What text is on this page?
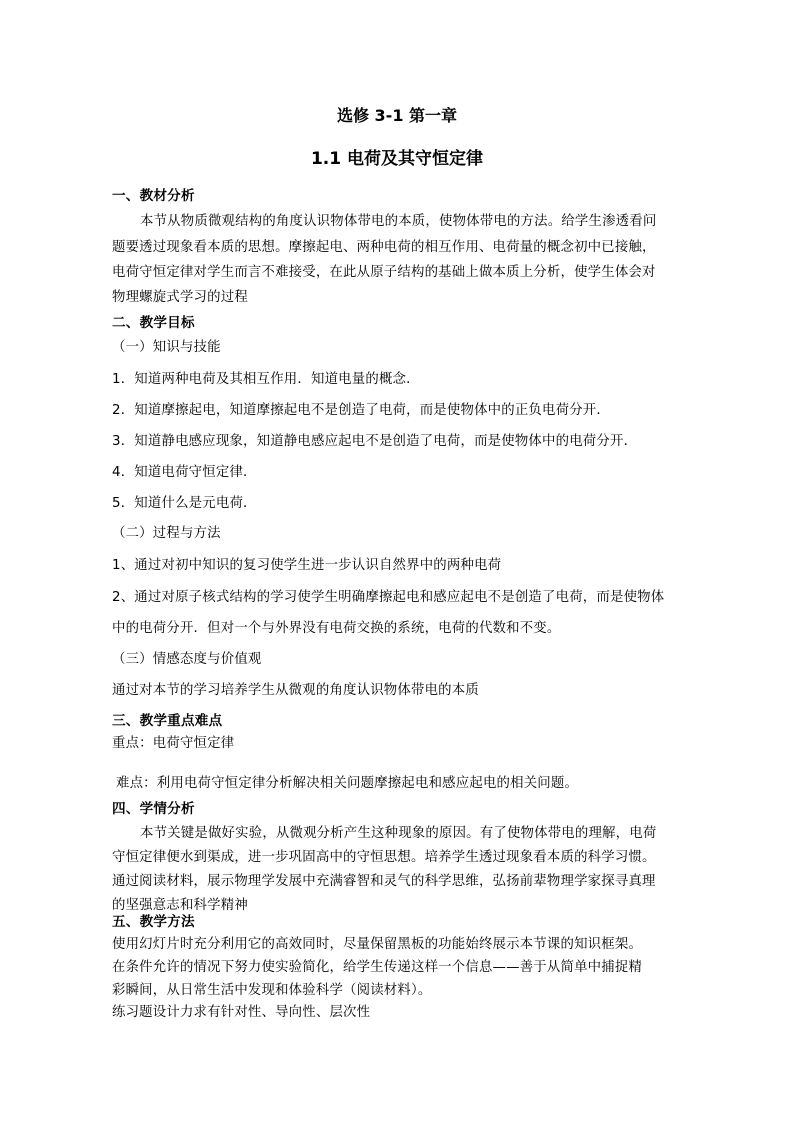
选修 3-1 第一章
1.1 电荷及其守恒定律
一、教材分析
本节从物质微观结构的角度认识物体带电的本质，使物体带电的方法。给学生渗透看问
题要透过现象看本质的思想。摩擦起电、两种电荷的相互作用、电荷量的概念初中已接触，
电荷守恒定律对学生而言不难接受，在此从原子结构的基础上做本质上分析，使学生体会对
物理螺旋式学习的过程
二、教学目标
（一）知识与技能
1．知道两种电荷及其相互作用．知道电量的概念．
2．知道摩擦起电，知道摩擦起电不是创造了电荷，而是使物体中的正负电荷分开．
3．知道静电感应现象，知道静电感应起电不是创造了电荷，而是使物体中的电荷分开．
4．知道电荷守恒定律．
5．知道什么是元电荷．
（二）过程与方法
1、通过对初中知识的复习使学生进一步认识自然界中的两种电荷
2、通过对原子核式结构的学习使学生明确摩擦起电和感应起电不是创造了电荷，而是使物体
中的电荷分开．但对一个与外界没有电荷交换的系统，电荷的代数和不变。
（三）情感态度与价值观
通过对本节的学习培养学生从微观的角度认识物体带电的本质
三、教学重点难点
重点：电荷守恒定律
难点：利用电荷守恒定律分析解决相关问题摩擦起电和感应起电的相关问题。
四、学情分析
本节关键是做好实验，从微观分析产生这种现象的原因。有了使物体带电的理解，电荷
守恒定律便水到渠成，进一步巩固高中的守恒思想。培养学生透过现象看本质的科学习惯。
通过阅读材料，展示物理学发展中充满睿智和灵气的科学思维，弘扬前辈物理学家探寻真理
的坚强意志和科学精神
五、教学方法
使用幻灯片时充分利用它的高效同时，尽量保留黑板的功能始终展示本节课的知识框架。
在条件允许的情况下努力使实验简化，给学生传递这样一个信息——善于从简单中捕捉精
彩瞬间，从日常生活中发现和体验科学（阅读材料）。
练习题设计力求有针对性、导向性、层次性
